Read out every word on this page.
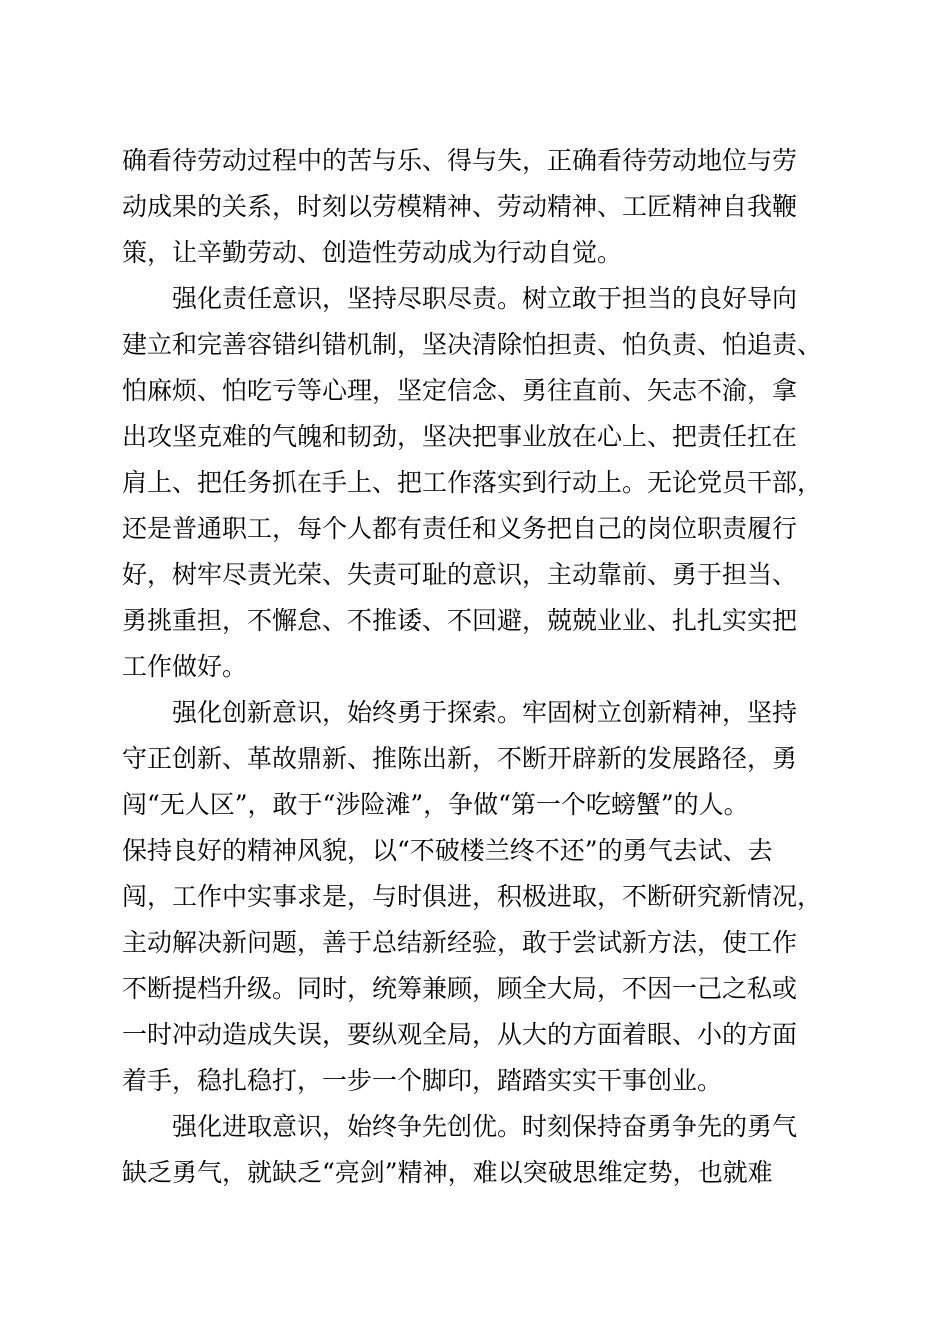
确看待劳动过程中的苦与乐、得与失，正确看待劳动地位与劳
动成果的关系，时刻以劳模精神、劳动精神、工匠精神自我鞭
策，让辛勤劳动、创造性劳动成为行动自觉。
强化责任意识，坚持尽职尽责。树立敢于担当的良好导向
建立和完善容错纠错机制，坚决清除怕担责、怕负责、怕追责、
怕麻烦、怕吃亏等心理，坚定信念、勇往直前、矢志不渝，拿
出攻坚克难的气魄和韧劲，坚决把事业放在心上、把责任扛在
肩上、把任务抓在手上、把工作落实到行动上。无论党员干部，
还是普通职工，每个人都有责任和义务把自己的岗位职责履行
好，树牢尽责光荣、失责可耻的意识，主动靠前、勇于担当、
勇挑重担，不懈怠、不推诿、不回避，兢兢业业、扎扎实实把
工作做好。
强化创新意识，始终勇于探索。牢固树立创新精神，坚持
守正创新、革故鼎新、推陈出新，不断开辟新的发展路径，勇
闯“无人区”，敢于“涉险滩”，争做“第一个吃螃蟹”的人。
保持良好的精神风貌，以“不破楼兰终不还”的勇气去试、去
闯，工作中实事求是，与时俱进，积极进取，不断研究新情况，
主动解决新问题，善于总结新经验，敢于尝试新方法，使工作
不断提档升级。同时，统筹兼顾，顾全大局，不因一己之私或
一时冲动造成失误，要纵观全局，从大的方面着眼、小的方面
着手，稳扎稳打，一步一个脚印，踏踏实实干事创业。
强化进取意识，始终争先创优。时刻保持奋勇争先的勇气
缺乏勇气，就缺乏“亮剑”精神，难以突破思维定势，也就难
